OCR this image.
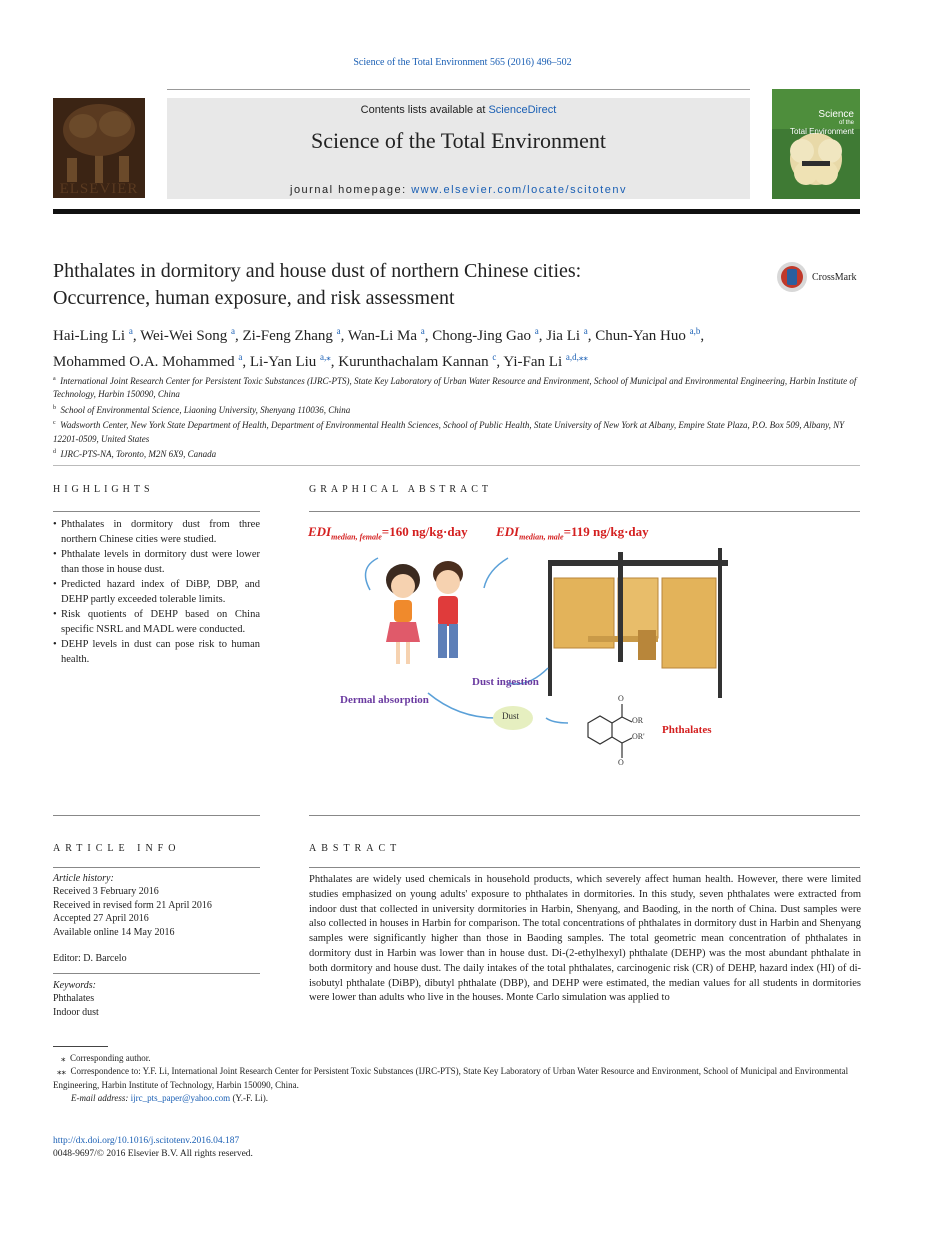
Science of the Total Environment 565 (2016) 496–502
ELSEVIER
Contents lists available at ScienceDirect
Science of the Total Environment
journal homepage: www.elsevier.com/locate/scitotenv
Science
of the
Total Environment
Phthalates in dormitory and house dust of northern Chinese cities:
Occurrence, human exposure, and risk assessment
CrossMark
Hai-Ling Li $^a$, Wei-Wei Song $^a$, Zi-Feng Zhang $^a$, Wan-Li Ma $^a$, Chong-Jing Gao $^a$, Jia Li $^a$, Chun-Yan Huo $^{a,b}$,
Mohammed O.A. Mohammed $^a$, Li-Yan Liu $^{a,⁎}$, Kurunthachalam Kannan $^c$, Yi-Fan Li $^{a,d,⁎⁎}$
$^a$ International Joint Research Center for Persistent Toxic Substances (IJRC-PTS), State Key Laboratory of Urban Water Resource and Environment, School of Municipal and Environmental Engineering, Harbin Institute of Technology, Harbin 150090, China
$^b$ School of Environmental Science, Liaoning University, Shenyang 110036, China
$^c$ Wadsworth Center, New York State Department of Health, Department of Environmental Health Sciences, School of Public Health, State University of New York at Albany, Empire State Plaza, P.O. Box 509, Albany, NY 12201-0509, United States
$^d$ IJRC-PTS-NA, Toronto, M2N 6X9, Canada
HIGHLIGHTS
• Phthalates in dormitory dust from three northern Chinese cities were studied.
• Phthalate levels in dormitory dust were lower than those in house dust.
• Predicted hazard index of DiBP, DBP, and DEHP partly exceeded tolerable limits.
• Risk quotients of DEHP based on China specific NSRL and MADL were conducted.
• DEHP levels in dust can pose risk to human health.
GRAPHICAL ABSTRACT
$EDI_{median, female}=160$ ng/kg·day $EDI_{median, male}=119$ ng/kg·day
Dermal absorption
Dust ingestion
Dust
Phthalates
OR
OR'
O
O
ARTICLE INFO
Article history:
Received 3 February 2016
Received in revised form 21 April 2016
Accepted 27 April 2016
Available online 14 May 2016
Editor: D. Barcelo
Keywords:
Phthalates
Indoor dust
ABSTRACT
Phthalates are widely used chemicals in household products, which severely affect human health. However, there were limited studies emphasized on young adults' exposure to phthalates in dormitories. In this study, seven phthalates were extracted from indoor dust that collected in university dormitories in Harbin, Shenyang, and Baoding, in the north of China. Dust samples were also collected in houses in Harbin for comparison. The total concentrations of phthalates in dormitory dust in Harbin and Shenyang samples were significantly higher than those in Baoding samples. The total geometric mean concentration of phthalates in dormitory dust in Harbin was lower than in house dust. Di-(2-ethylhexyl) phthalate (DEHP) was the most abundant phthalate in both dormitory and house dust. The daily intakes of the total phthalates, carcinogenic risk (CR) of DEHP, hazard index (HI) of di-isobutyl phthalate (DiBP), dibutyl phthalate (DBP), and DEHP were estimated, the median values for all students in dormitories were lower than adults who live in the houses. Monte Carlo simulation was applied to
⁎ Corresponding author.
⁎⁎ Correspondence to: Y.F. Li, International Joint Research Center for Persistent Toxic Substances (IJRC-PTS), State Key Laboratory of Urban Water Resource and Environment, School of Municipal and Environmental Engineering, Harbin Institute of Technology, Harbin 150090, China.
E-mail address: ijrc_pts_paper@yahoo.com (Y.-F. Li).
http://dx.doi.org/10.1016/j.scitotenv.2016.04.187
0048-9697/© 2016 Elsevier B.V. All rights reserved.
